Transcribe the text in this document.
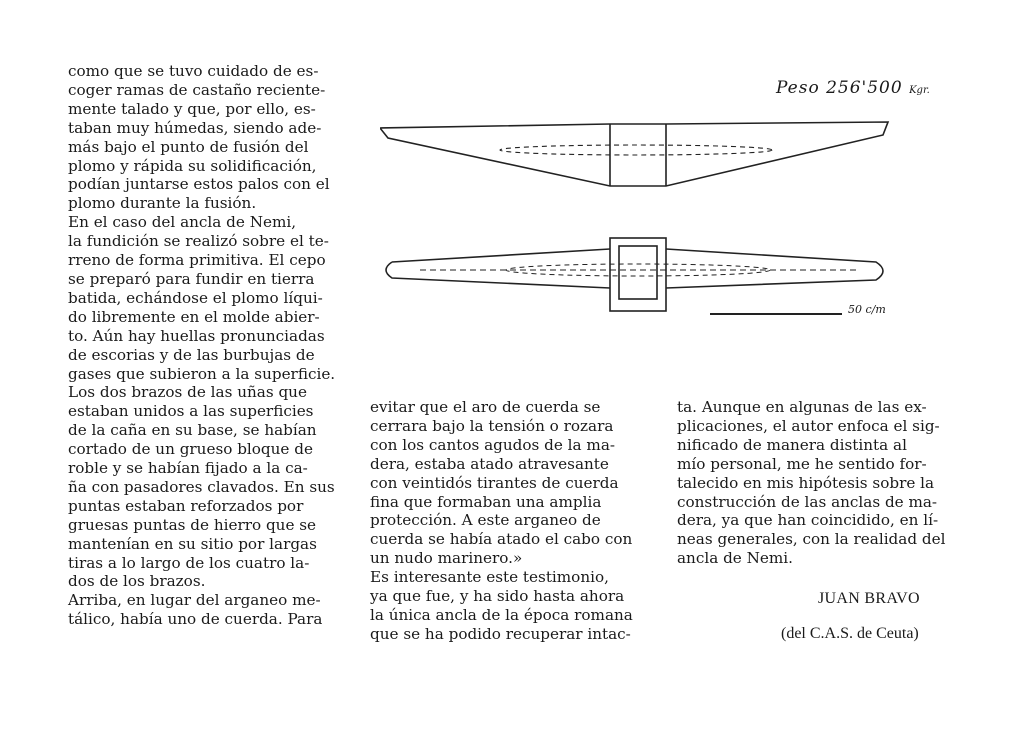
como que se tuvo cuidado de es-

coger ramas de castaño reciente-

mente talado y que, por ello, es-

taban muy húmedas, siendo ade-

más bajo el punto de fusión del

plomo y rápida su solidificación,

podían juntarse estos palos con el

plomo durante la fusión.

En el caso del ancla de Nemi,

la fundición se realizó sobre el te-

rreno de forma primitiva. El cepo

se preparó para fundir en tierra

batida, echándose el plomo líqui-

do libremente en el molde abier-

to. Aún hay huellas pronunciadas

de escorias y de las burbujas de

gases que subieron a la superficie.

Los dos brazos de las uñas que

estaban unidos a las superficies

de la caña en su base, se habían

cortado de un grueso bloque de

roble y se habían fijado a la ca-

ña con pasadores clavados. En sus

puntas estaban reforzados por

gruesas puntas de hierro que se

mantenían en su sitio por largas

tiras a lo largo de los cuatro la-

dos de los brazos.

Arriba, en lugar del arganeo me-

tálico, había uno de cuerda. Para

evitar que el aro de cuerda se

cerrara bajo la tensión o rozara

con los cantos agudos de la ma-

dera, estaba atado atravesante

con veintidós tirantes de cuerda

fina que formaban una amplia

protección. A este arganeo de

cuerda se había atado el cabo con

un nudo marinero.»

Es interesante este testimonio,

ya que fue, y ha sido hasta ahora

la única ancla de la época romana

que se ha podido recuperar intac-

ta. Aunque en algunas de las ex-

plicaciones, el autor enfoca el sig-

nificado de manera distinta al

mío personal, me he sentido for-

talecido en mis hipótesis sobre la

construcción de las anclas de ma-

dera, ya que han coincidido, en lí-

neas generales, con la realidad del

ancla de Nemi.

JUAN BRAVO
(del C.A.S. de Ceuta)
Peso 256'500 Kgr.
50 c/m
